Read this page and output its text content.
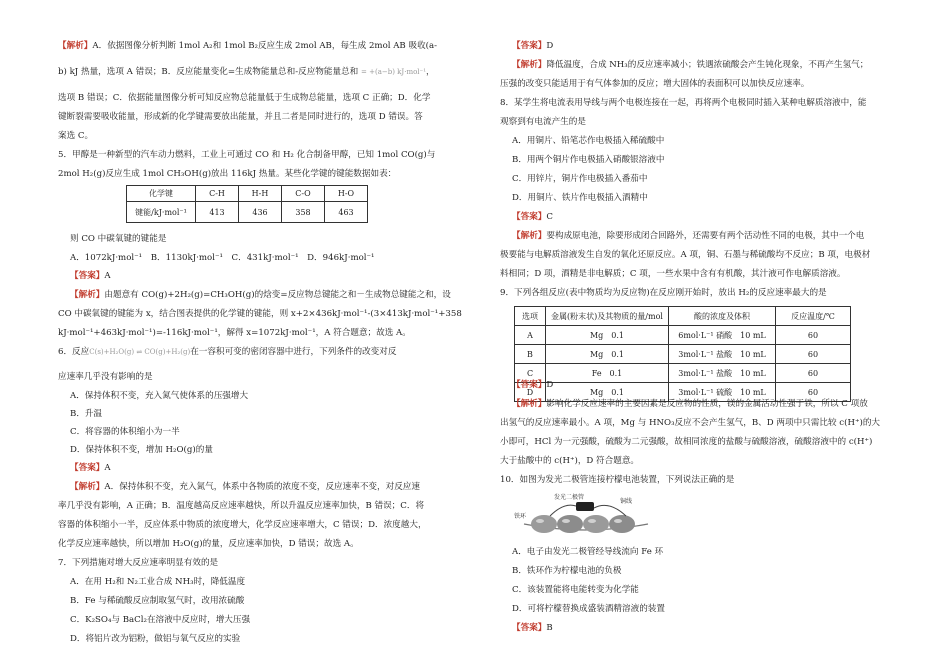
【解析】A．依据图像分析判断 1mol A₂和 1mol B₂反应生成 2mol AB，每生成 2mol AB 吸收(a-
b) kJ 热量，选项 A 错误；B．反应能量变化=生成物能量总和-反应物能量总和 = +(a−b) kJ·mol⁻¹，
选项 B 错误；C．依据能量图像分析可知反应物总能量低于生成物总能量，选项 C 正确；D．化学
键断裂需要吸收能量，形成新的化学键需要放出能量，并且二者是同时进行的，选项 D 错误。答
案选 C。
5．甲醇是一种新型的汽车动力燃料，工业上可通过 CO 和 H₂ 化合制备甲醇，已知 1mol CO(g)与
2mol H₂(g)反应生成 1mol CH₃OH(g)放出 116kJ 热量。某些化学键的键能数据如表：
化学键	C-H	H-H	C-O	H-O
键能/kJ·mol⁻¹	413	436	358	463
则 CO 中碳氧键的键能是
A．1072kJ·mol⁻¹　 B．1130kJ·mol⁻¹　 C．431kJ·mol⁻¹　 D．946kJ·mol⁻¹
【答案】A
【解析】由题意有 CO(g)+2H₂(g)=CH₃OH(g)的焓变=反应物总键能之和－生成物总键能之和，设
CO 中碳氧键的键能为 x，结合图表提供的化学键的键能，则 x+2×436kJ·mol⁻¹-(3×413kJ·mol⁻¹+358
kJ·mol⁻¹+463kJ·mol⁻¹)=-116kJ·mol⁻¹，解得 x=1072kJ·mol⁻¹，A 符合题意；故选 A。
6．反应C(s)+H₂O(g) ⇌ CO(g)+H₂(g)在一容积可变的密闭容器中进行，下列条件的改变对反
应速率几乎没有影响的是
A．保持体积不变，充入氮气使体系的压强增大
B．升温
C．将容器的体积缩小为一半
D．保持体积不变，增加 H₂O(g)的量
【答案】A
【解析】A．保持体积不变，充入氮气，体系中各物质的浓度不变，反应速率不变，对反应速
率几乎没有影响，A 正确；B．温度越高反应速率越快，所以升温反应速率加快，B 错误；C．将
容器的体积缩小一半，反应体系中物质的浓度增大，化学反应速率增大，C 错误；D．浓度越大，
化学反应速率越快，所以增加 H₂O(g)的量，反应速率加快，D 错误；故选 A。
7．下列措施对增大反应速率明显有效的是
A．在用 H₂和 N₂工业合成 NH₃时，降低温度
B．Fe 与稀硫酸反应制取氢气时，改用浓硫酸
C．K₂SO₄与 BaCl₂在溶液中反应时，增大压强
D．将铝片改为铝粉，做铝与氧气反应的实验
【答案】D
【解析】降低温度，合成 NH₃的反应速率减小；铁遇浓硫酸会产生钝化现象，不再产生氢气；
压强的改变只能适用于有气体参加的反应；增大固体的表面积可以加快反应速率。
8．某学生将电流表用导线与两个电极连接在一起，再将两个电极同时插入某种电解质溶液中，能
观察到有电流产生的是
A．用铜片、铅笔芯作电极插入稀硫酸中
B．用两个铜片作电极插入硝酸银溶液中
C．用锌片，铜片作电极插入番茄中
D．用铜片、铁片作电极插入酒精中
【答案】C
【解析】要构成原电池，除要形成闭合回路外，还需要有两个活动性不同的电极，其中一个电
极要能与电解质溶液发生自发的氧化还原反应。A 项，铜、石墨与稀硫酸均不反应；B 项，电极材
料相同；D 项，酒精是非电解质；C 项，一些水果中含有有机酸，其汁液可作电解质溶液。
9．下列各组反应(表中物质均为反应物)在反应刚开始时，放出 H₂的反应速率最大的是
选项	金属(粉末状)及其物质的量/mol	酸的浓度及体积	反应温度/℃
A	Mg　0.1	6mol·L⁻¹ 硝酸　10 mL	60
B	Mg　0.1	3mol·L⁻¹ 盐酸　10 mL	60
C	Fe　0.1	3mol·L⁻¹ 盐酸　10 mL	60
D	Mg　0.1	3mol·L⁻¹ 硫酸　10 mL	60
【答案】D
【解析】影响化学反应速率的主要因素是反应物的性质，镁的金属活动性强于铁，所以 C 项放
出氢气的反应速率最小。A 项，Mg 与 HNO₃反应不会产生氢气，B、D 两项中只需比较 c(H⁺)的大
小即可，HCl 为一元强酸，硫酸为二元强酸，故相同浓度的盐酸与硫酸溶液，硫酸溶液中的 c(H⁺)
大于盐酸中的 c(H⁺)，D 符合题意。
10．如图为发光二极管连接柠檬电池装置，下列说法正确的是
发光二极管
铜线
铁环
A．电子由发光二极管经导线流向 Fe 环
B．铁环作为柠檬电池的负极
C．该装置能将电能转变为化学能
D．可将柠檬替换成盛装酒精溶液的装置
【答案】B
